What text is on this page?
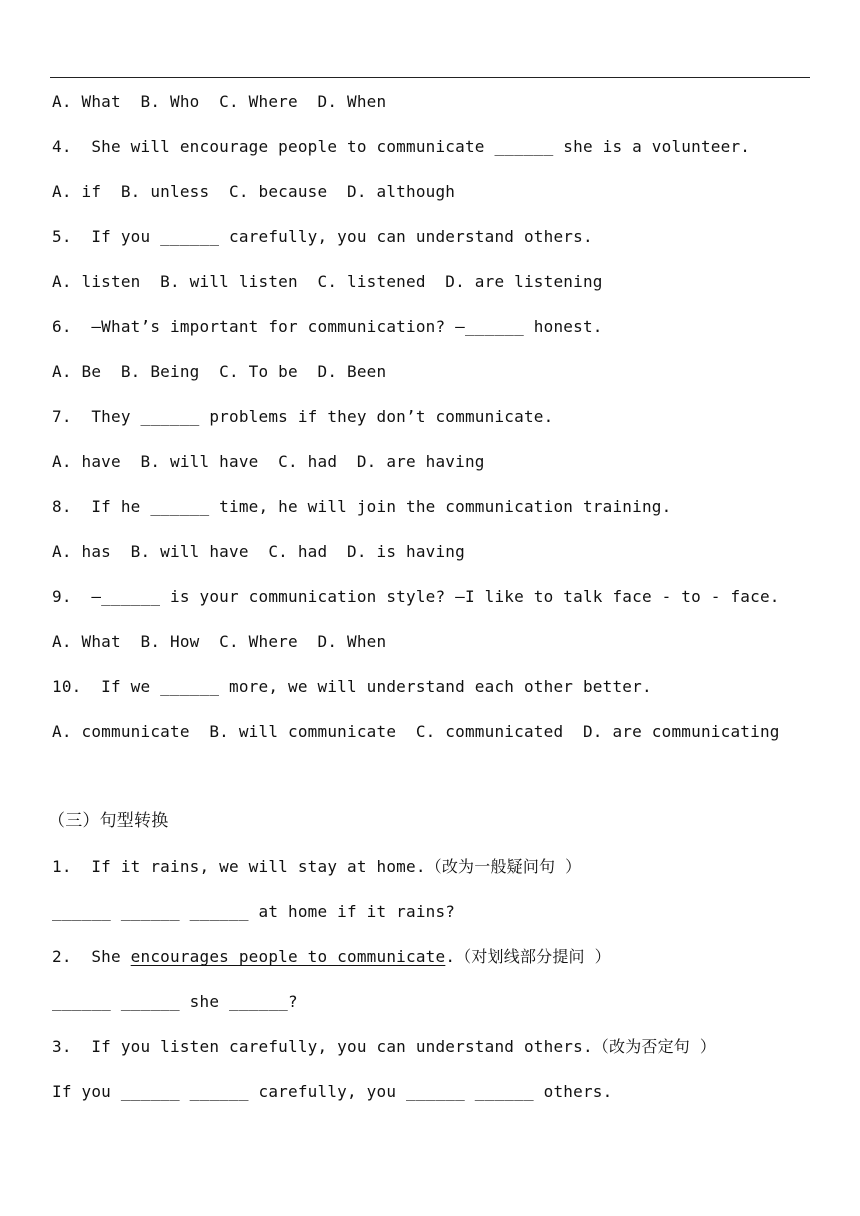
A. What  B. Who  C. Where  D. When
4.  She will encourage people to communicate ______ she is a volunteer.
A. if  B. unless  C. because  D. although
5.  If you ______ carefully, you can understand others.
A. listen  B. will listen  C. listened  D. are listening
6.  —What’s important for communication? —______ honest.
A. Be  B. Being  C. To be  D. Been
7.  They ______ problems if they don’t communicate.
A. have  B. will have  C. had  D. are having
8.  If he ______ time, he will join the communication training.
A. has  B. will have  C. had  D. is having
9.  —______ is your communication style? —I like to talk face - to - face.
A. What  B. How  C. Where  D. When
10.  If we ______ more, we will understand each other better.
A. communicate  B. will communicate  C. communicated  D. are communicating
（三）句型转换
1.  If it rains, we will stay at home.（改为一般疑问句 ）
______ ______ ______ at home if it rains?
2.  She encourages people to communicate.（对划线部分提问 ）
______ ______ she ______?
3.  If you listen carefully, you can understand others.（改为否定句 ）
If you ______ ______ carefully, you ______ ______ others.
